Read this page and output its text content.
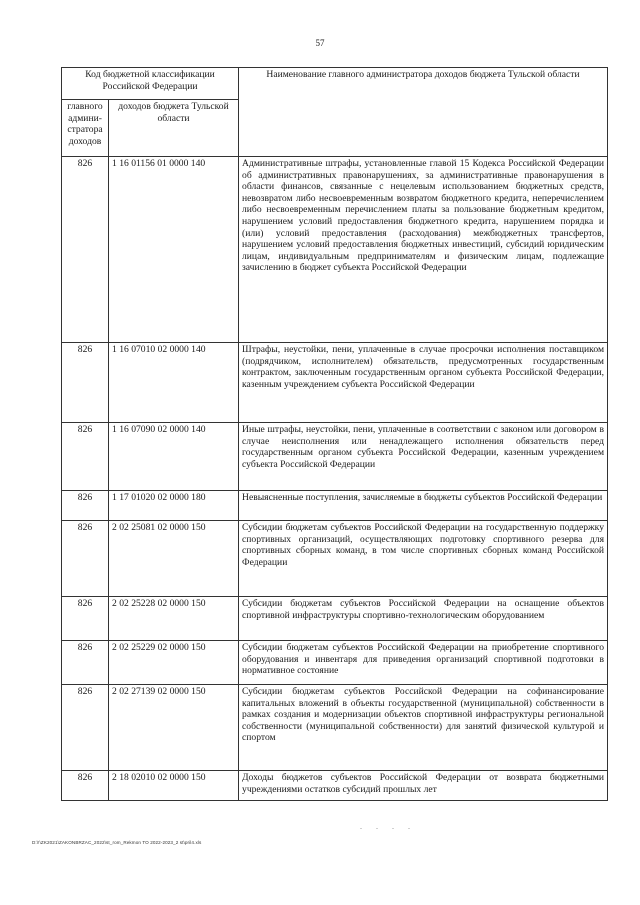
57
Код бюджетной классификации Российской Федерации		Наименование главного администратора доходов бюджета Тульской области
главного админи-стратора доходов	доходов бюджета Тульской области	
826	1 16 01156 01 0000 140	Административные штрафы, установленные главой 15 Кодекса Российской Федерации об административных правонарушениях, за административные правонарушения в области финансов, связанные с нецелевым использованием бюджетных средств, невозвратом либо несвоевременным возвратом бюджетного кредита, неперечислением либо несвоевременным перечислением платы за пользование бюджетным кредитом, нарушением условий предоставления бюджетного кредита, нарушением порядка и (или) условий предоставления (расходования) межбюджетных трансфертов, нарушением условий предоставления бюджетных инвестиций, субсидий юридическим лицам, индивидуальным предпринимателям и физическим лицам, подлежащие зачислению в бюджет субъекта Российской Федерации
826	1 16 07010 02 0000 140	Штрафы, неустойки, пени, уплаченные в случае просрочки исполнения поставщиком (подрядчиком, исполнителем) обязательств, предусмотренных государственным контрактом, заключенным государственным органом субъекта Российской Федерации, казенным учреждением субъекта Российской Федерации
826	1 16 07090 02 0000 140	Иные штрафы, неустойки, пени, уплаченные в соответствии с законом или договором в случае неисполнения или ненадлежащего исполнения обязательств перед государственным органом субъекта Российской Федерации, казенным учреждением субъекта Российской Федерации
826	1 17 01020 02 0000 180	Невыясненные поступления, зачисляемые в бюджеты субъектов Российской Федерации
826	2 02 25081 02 0000 150	Субсидии бюджетам субъектов Российской Федерации на государственную поддержку спортивных организаций, осуществляющих подготовку спортивного резерва для спортивных сборных команд, в том числе спортивных сборных команд Российской Федерации
826	2 02 25228 02 0000 150	Субсидии бюджетам субъектов Российской Федерации на оснащение объектов спортивной инфраструктуры спортивно-технологическим оборудованием
826	2 02 25229 02 0000 150	Субсидии бюджетам субъектов Российской Федерации на приобретение спортивного оборудования и инвентаря для приведения организаций спортивной подготовки в нормативное состояние
826	2 02 27139 02 0000 150	Субсидии бюджетам субъектов Российской Федерации на софинансирование капитальных вложений в объекты государственной (муниципальной) собственности в рамках создания и модернизации объектов спортивной инфраструктуры региональной собственности (муниципальной собственности) для занятий физической культурой и спортом
826	2 18 02010 02 0000 150	Доходы бюджетов субъектов Российской Федерации от возврата бюджетными учреждениями остатков субсидий прошлых лет
. . . .
D:\!\ZK2021\ZAKONBRZAC_2022\st_rom_Rekmon TO 2022-2023_2 st\pril4.xls
